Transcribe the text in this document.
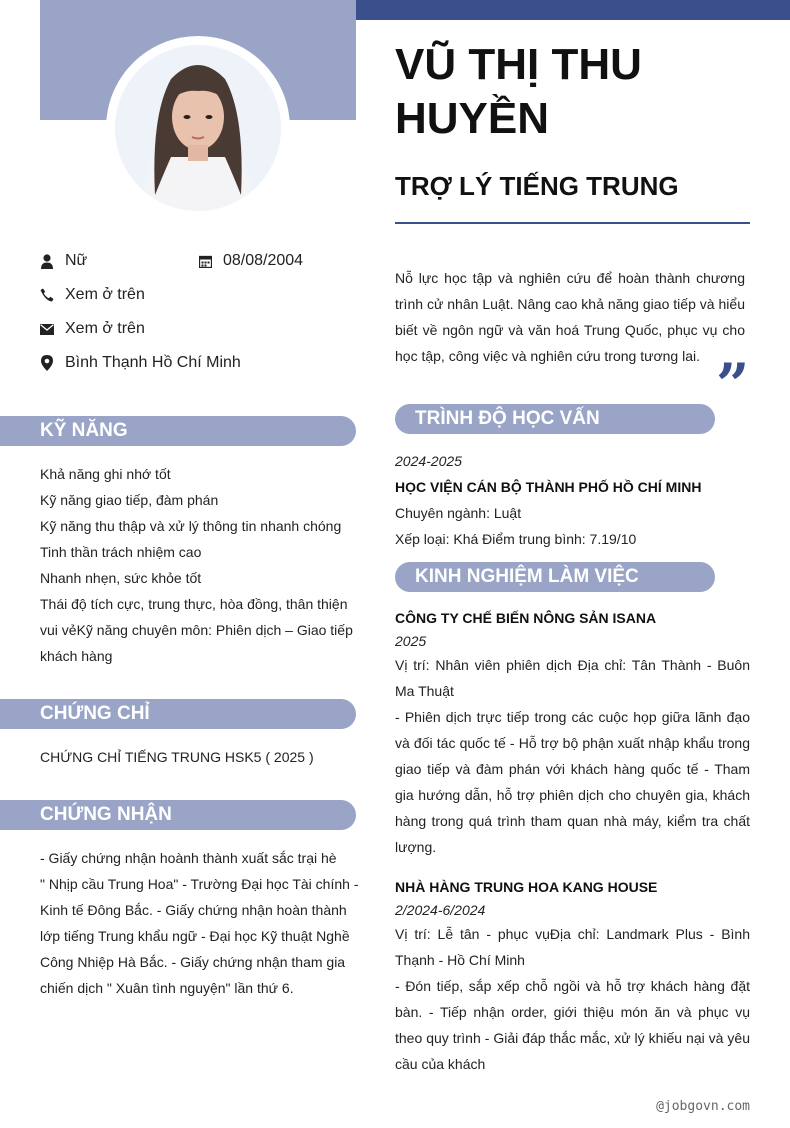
VŨ THỊ THU HUYỀN
TRỢ LÝ TIẾNG TRUNG
Nữ	08/08/2004
Xem ở trên
Xem ở trên
Bình Thạnh Hồ Chí Minh
Nỗ lực học tập và nghiên cứu để hoàn thành chương trình cử nhân Luật. Nâng cao khả năng giao tiếp và hiểu biết về ngôn ngữ và văn hoá Trung Quốc, phục vụ cho học tập, công việc và nghiên cứu trong tương lai. ”
KỸ NĂNG
Khả năng ghi nhớ tốt
Kỹ năng giao tiếp, đàm phán
Kỹ năng thu thập và xử lý thông tin nhanh chóng
Tinh thần trách nhiệm cao
Nhanh nhẹn, sức khỏe tốt
Thái độ tích cực, trung thực, hòa đồng, thân thiện
vui vẻKỹ năng chuyên môn: Phiên dịch – Giao tiếp
khách hàng
CHỨNG CHỈ
CHỨNG CHỈ TIẾNG TRUNG HSK5 ( 2025 )
CHỨNG NHẬN
- Giấy chứng nhận hoành thành xuất sắc trại hè
" Nhịp cầu Trung Hoa" - Trường Đại học Tài chính -
Kinh tế Đông Bắc. - Giấy chứng nhận hoàn thành
lớp tiếng Trung khẩu ngữ - Đại học Kỹ thuật Nghề
Công Nhiệp Hà Bắc. - Giấy chứng nhận tham gia
chiến dịch " Xuân tình nguyện" lần thứ 6.
TRÌNH ĐỘ HỌC VẤN
2024-2025
HỌC VIỆN CÁN BỘ THÀNH PHỐ HỒ CHÍ MINH
Chuyên ngành: Luật
Xếp loại: Khá Điểm trung bình: 7.19/10
KINH NGHIỆM LÀM VIỆC
CÔNG TY CHẾ BIẾN NÔNG SẢN ISANA
2025
Vị trí: Nhân viên phiên dịch Địa chỉ: Tân Thành - Buôn Ma Thuật
- Phiên dịch trực tiếp trong các cuộc họp giữa lãnh đạo và đối tác quốc tế - Hỗ trợ bộ phận xuất nhập khẩu trong giao tiếp và đàm phán với khách hàng quốc tế - Tham gia hướng dẫn, hỗ trợ phiên dịch cho chuyên gia, khách hàng trong quá trình tham quan nhà máy, kiểm tra chất lượng.
NHÀ HÀNG TRUNG HOA KANG HOUSE
2/2024-6/2024
Vị trí: Lễ tân - phục vụĐịa chỉ: Landmark Plus - Bình Thạnh - Hồ Chí Minh
- Đón tiếp, sắp xếp chỗ ngồi và hỗ trợ khách hàng đặt bàn. - Tiếp nhận order, giới thiệu món ăn và phục vụ theo quy trình - Giải đáp thắc mắc, xử lý khiếu nại và yêu cầu của khách
@jobgovn.com
